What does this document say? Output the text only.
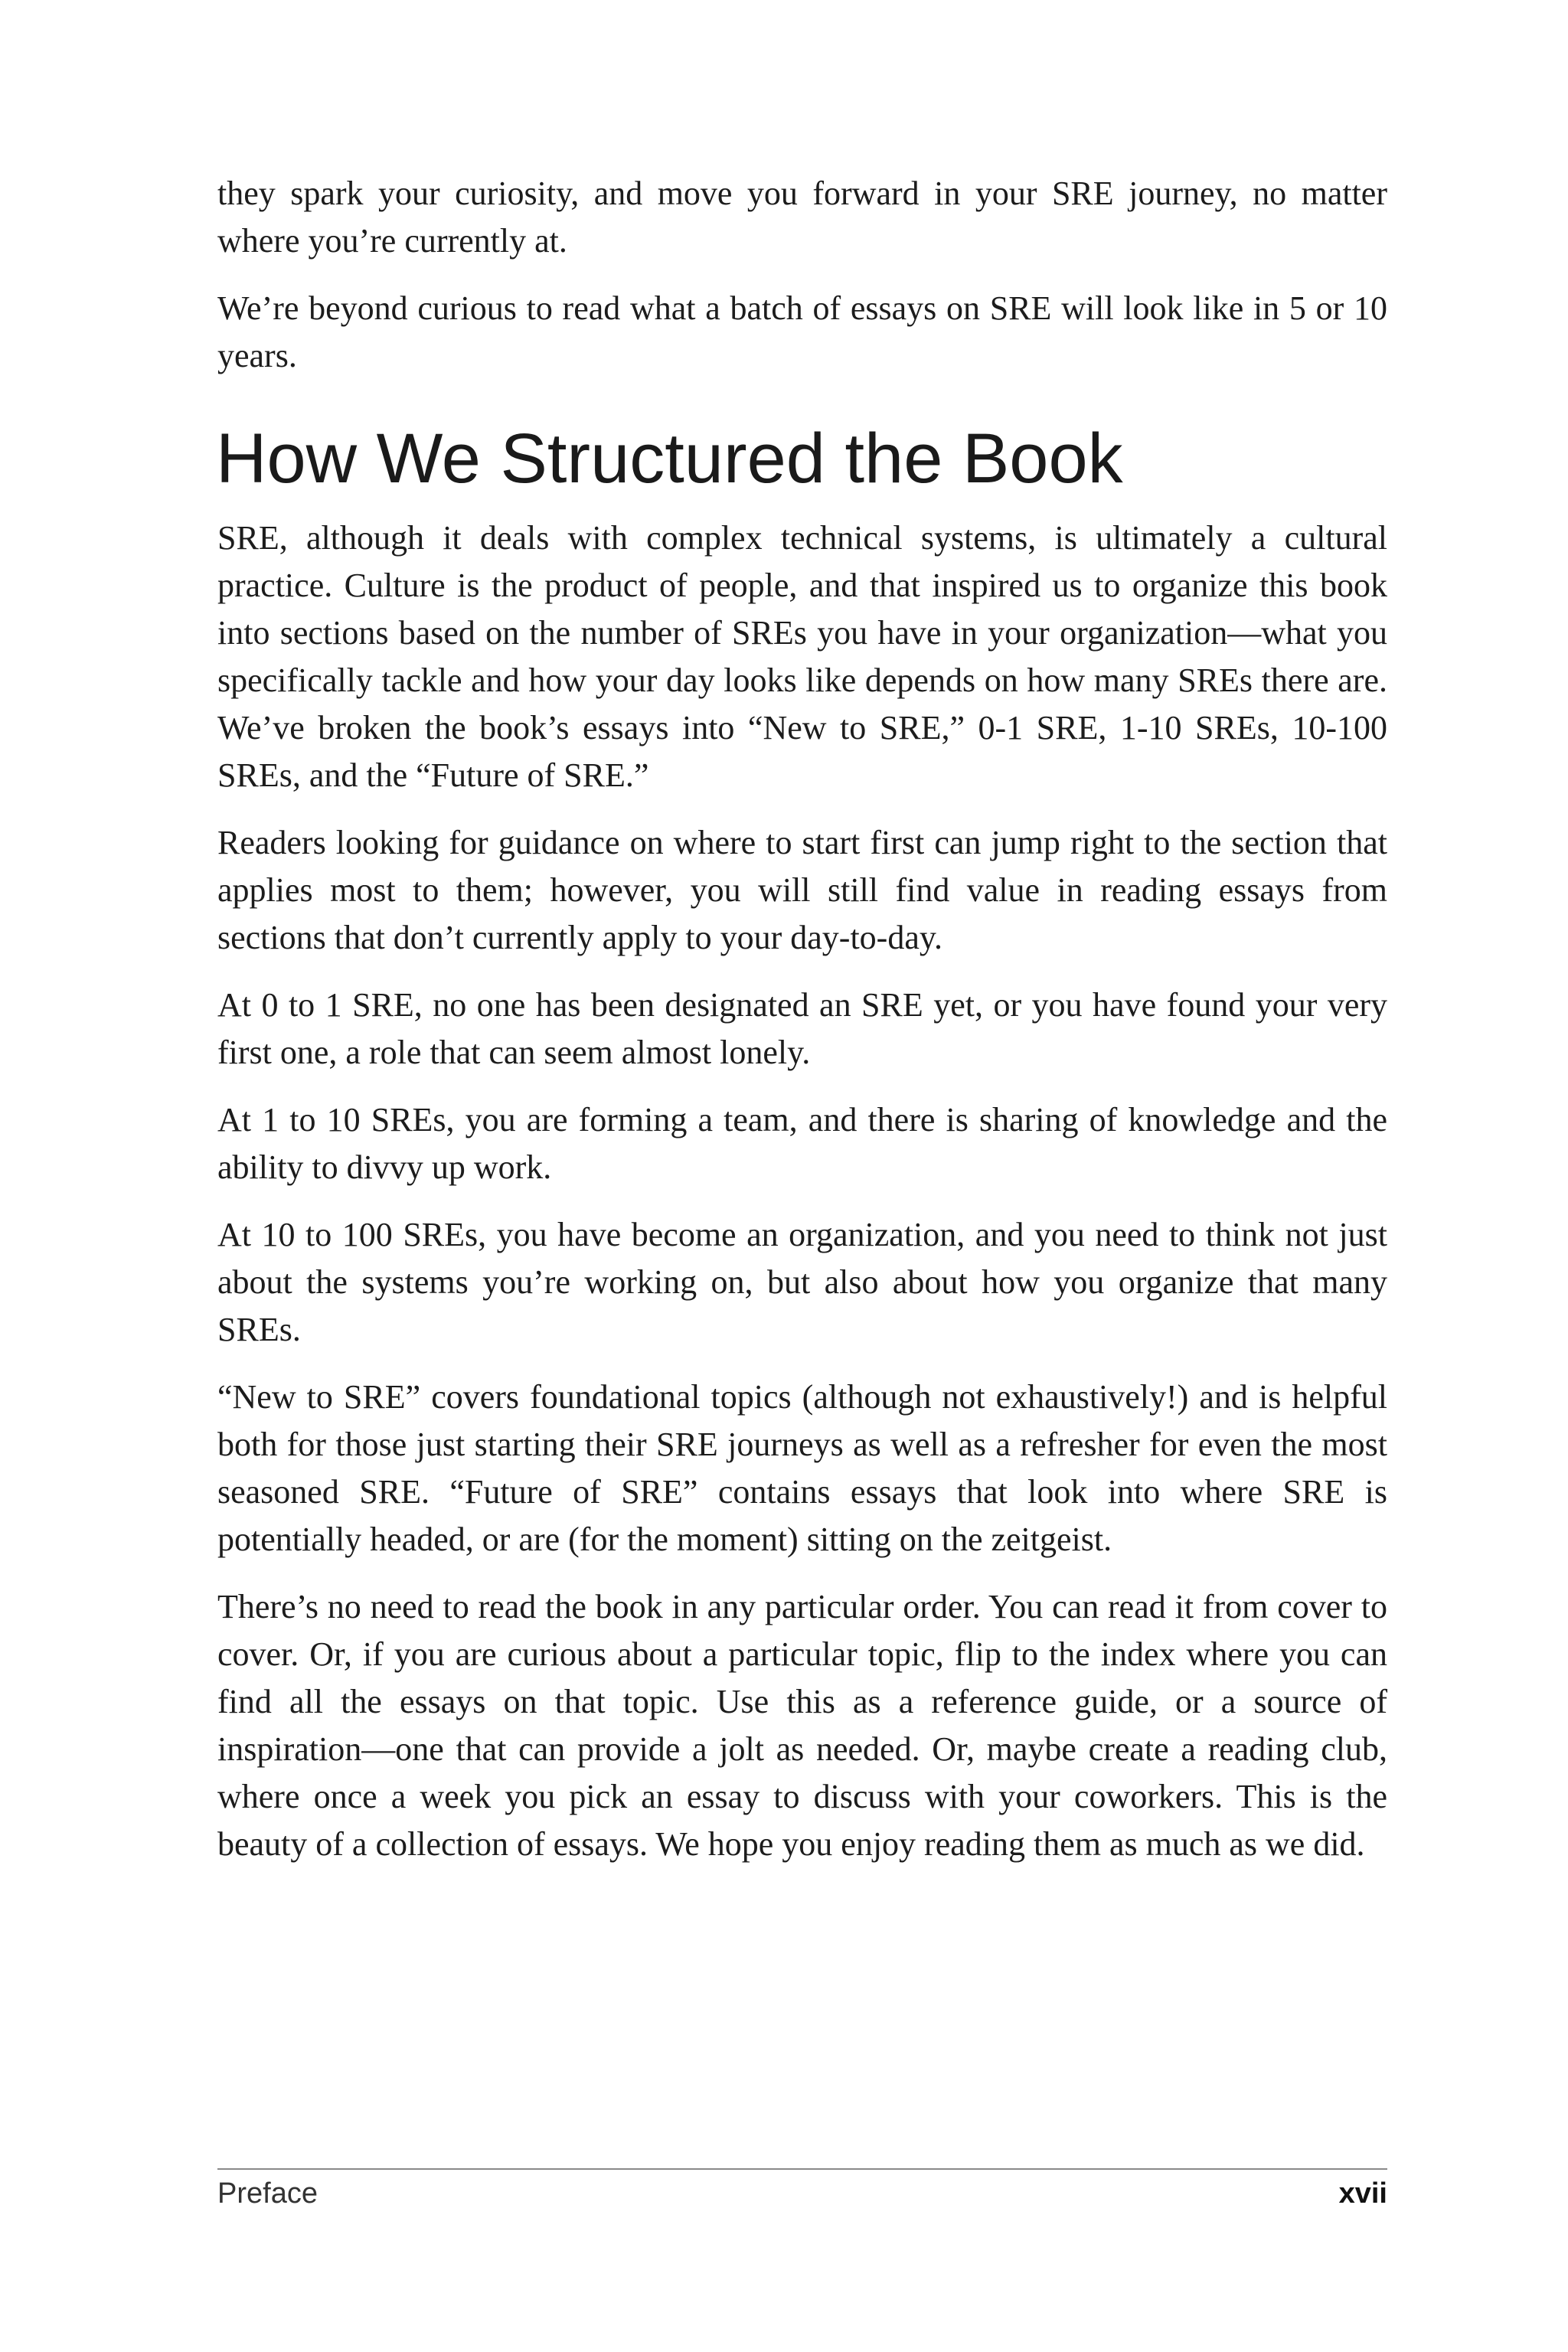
they spark your curiosity, and move you forward in your SRE journey, no matter where you’re currently at.

We’re beyond curious to read what a batch of essays on SRE will look like in 5 or 10 years.

How We Structured the Book

SRE, although it deals with complex technical systems, is ultimately a cultural practice. Culture is the product of people, and that inspired us to organize this book into sections based on the number of SREs you have in your organization—what you specifically tackle and how your day looks like depends on how many SREs there are. We’ve broken the book’s essays into “New to SRE,” 0-1 SRE, 1-10 SREs, 10-100 SREs, and the “Future of SRE.”

Readers looking for guidance on where to start first can jump right to the section that applies most to them; however, you will still find value in reading essays from sections that don’t currently apply to your day-to-day.

At 0 to 1 SRE, no one has been designated an SRE yet, or you have found your very first one, a role that can seem almost lonely.

At 1 to 10 SREs, you are forming a team, and there is sharing of knowledge and the ability to divvy up work.

At 10 to 100 SREs, you have become an organization, and you need to think not just about the systems you’re working on, but also about how you organize that many SREs.

“New to SRE” covers foundational topics (although not exhaustively!) and is helpful both for those just starting their SRE journeys as well as a refresher for even the most seasoned SRE. “Future of SRE” contains essays that look into where SRE is potentially headed, or are (for the moment) sitting on the zeitgeist.

There’s no need to read the book in any particular order. You can read it from cover to cover. Or, if you are curious about a particular topic, flip to the index where you can find all the essays on that topic. Use this as a reference guide, or a source of inspiration—one that can provide a jolt as needed. Or, maybe create a reading club, where once a week you pick an essay to discuss with your coworkers. This is the beauty of a collection of essays. We hope you enjoy reading them as much as we did.

Preface	xvii
